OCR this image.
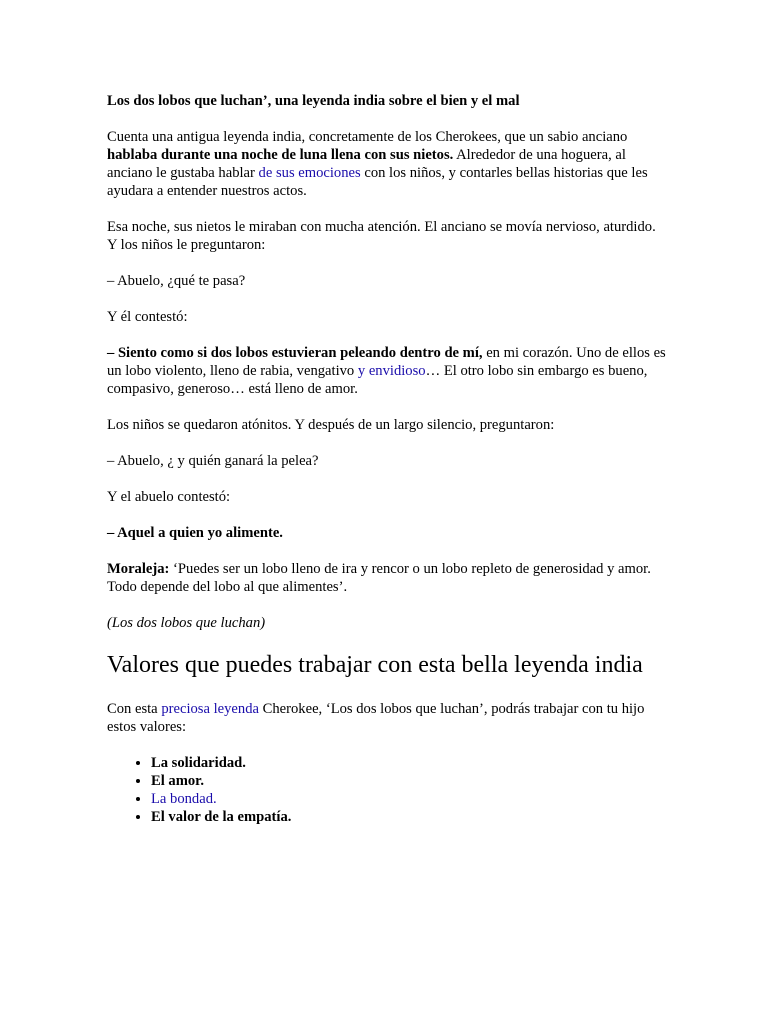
Los dos lobos que luchan’, una leyenda india sobre el bien y el mal

Cuenta una antigua leyenda india, concretamente de los Cherokees, que un sabio anciano hablaba durante una noche de luna llena con sus nietos. Alrededor de una hoguera, al anciano le gustaba hablar de sus emociones con los niños, y contarles bellas historias que les ayudara a entender nuestros actos.

Esa noche, sus nietos le miraban con mucha atención. El anciano se movía nervioso, aturdido. Y los niños le preguntaron:

– Abuelo, ¿qué te pasa?

Y él contestó:

– Siento como si dos lobos estuvieran peleando dentro de mí, en mi corazón. Uno de ellos es un lobo violento, lleno de rabia, vengativo y envidioso… El otro lobo sin embargo es bueno, compasivo, generoso… está lleno de amor.

Los niños se quedaron atónitos. Y después de un largo silencio, preguntaron:

– Abuelo, ¿ y quién ganará la pelea?

Y el abuelo contestó:

– Aquel a quien yo alimente.

Moraleja: ‘Puedes ser un lobo lleno de ira y rencor o un lobo repleto de generosidad y amor. Todo depende del lobo al que alimentes’.

(Los dos lobos que luchan)

Valores que puedes trabajar con esta bella leyenda india

Con esta preciosa leyenda Cherokee, ‘Los dos lobos que luchan’, podrás trabajar con tu hijo estos valores:

• La solidaridad.
• El amor.
• La bondad.
• El valor de la empatía.
